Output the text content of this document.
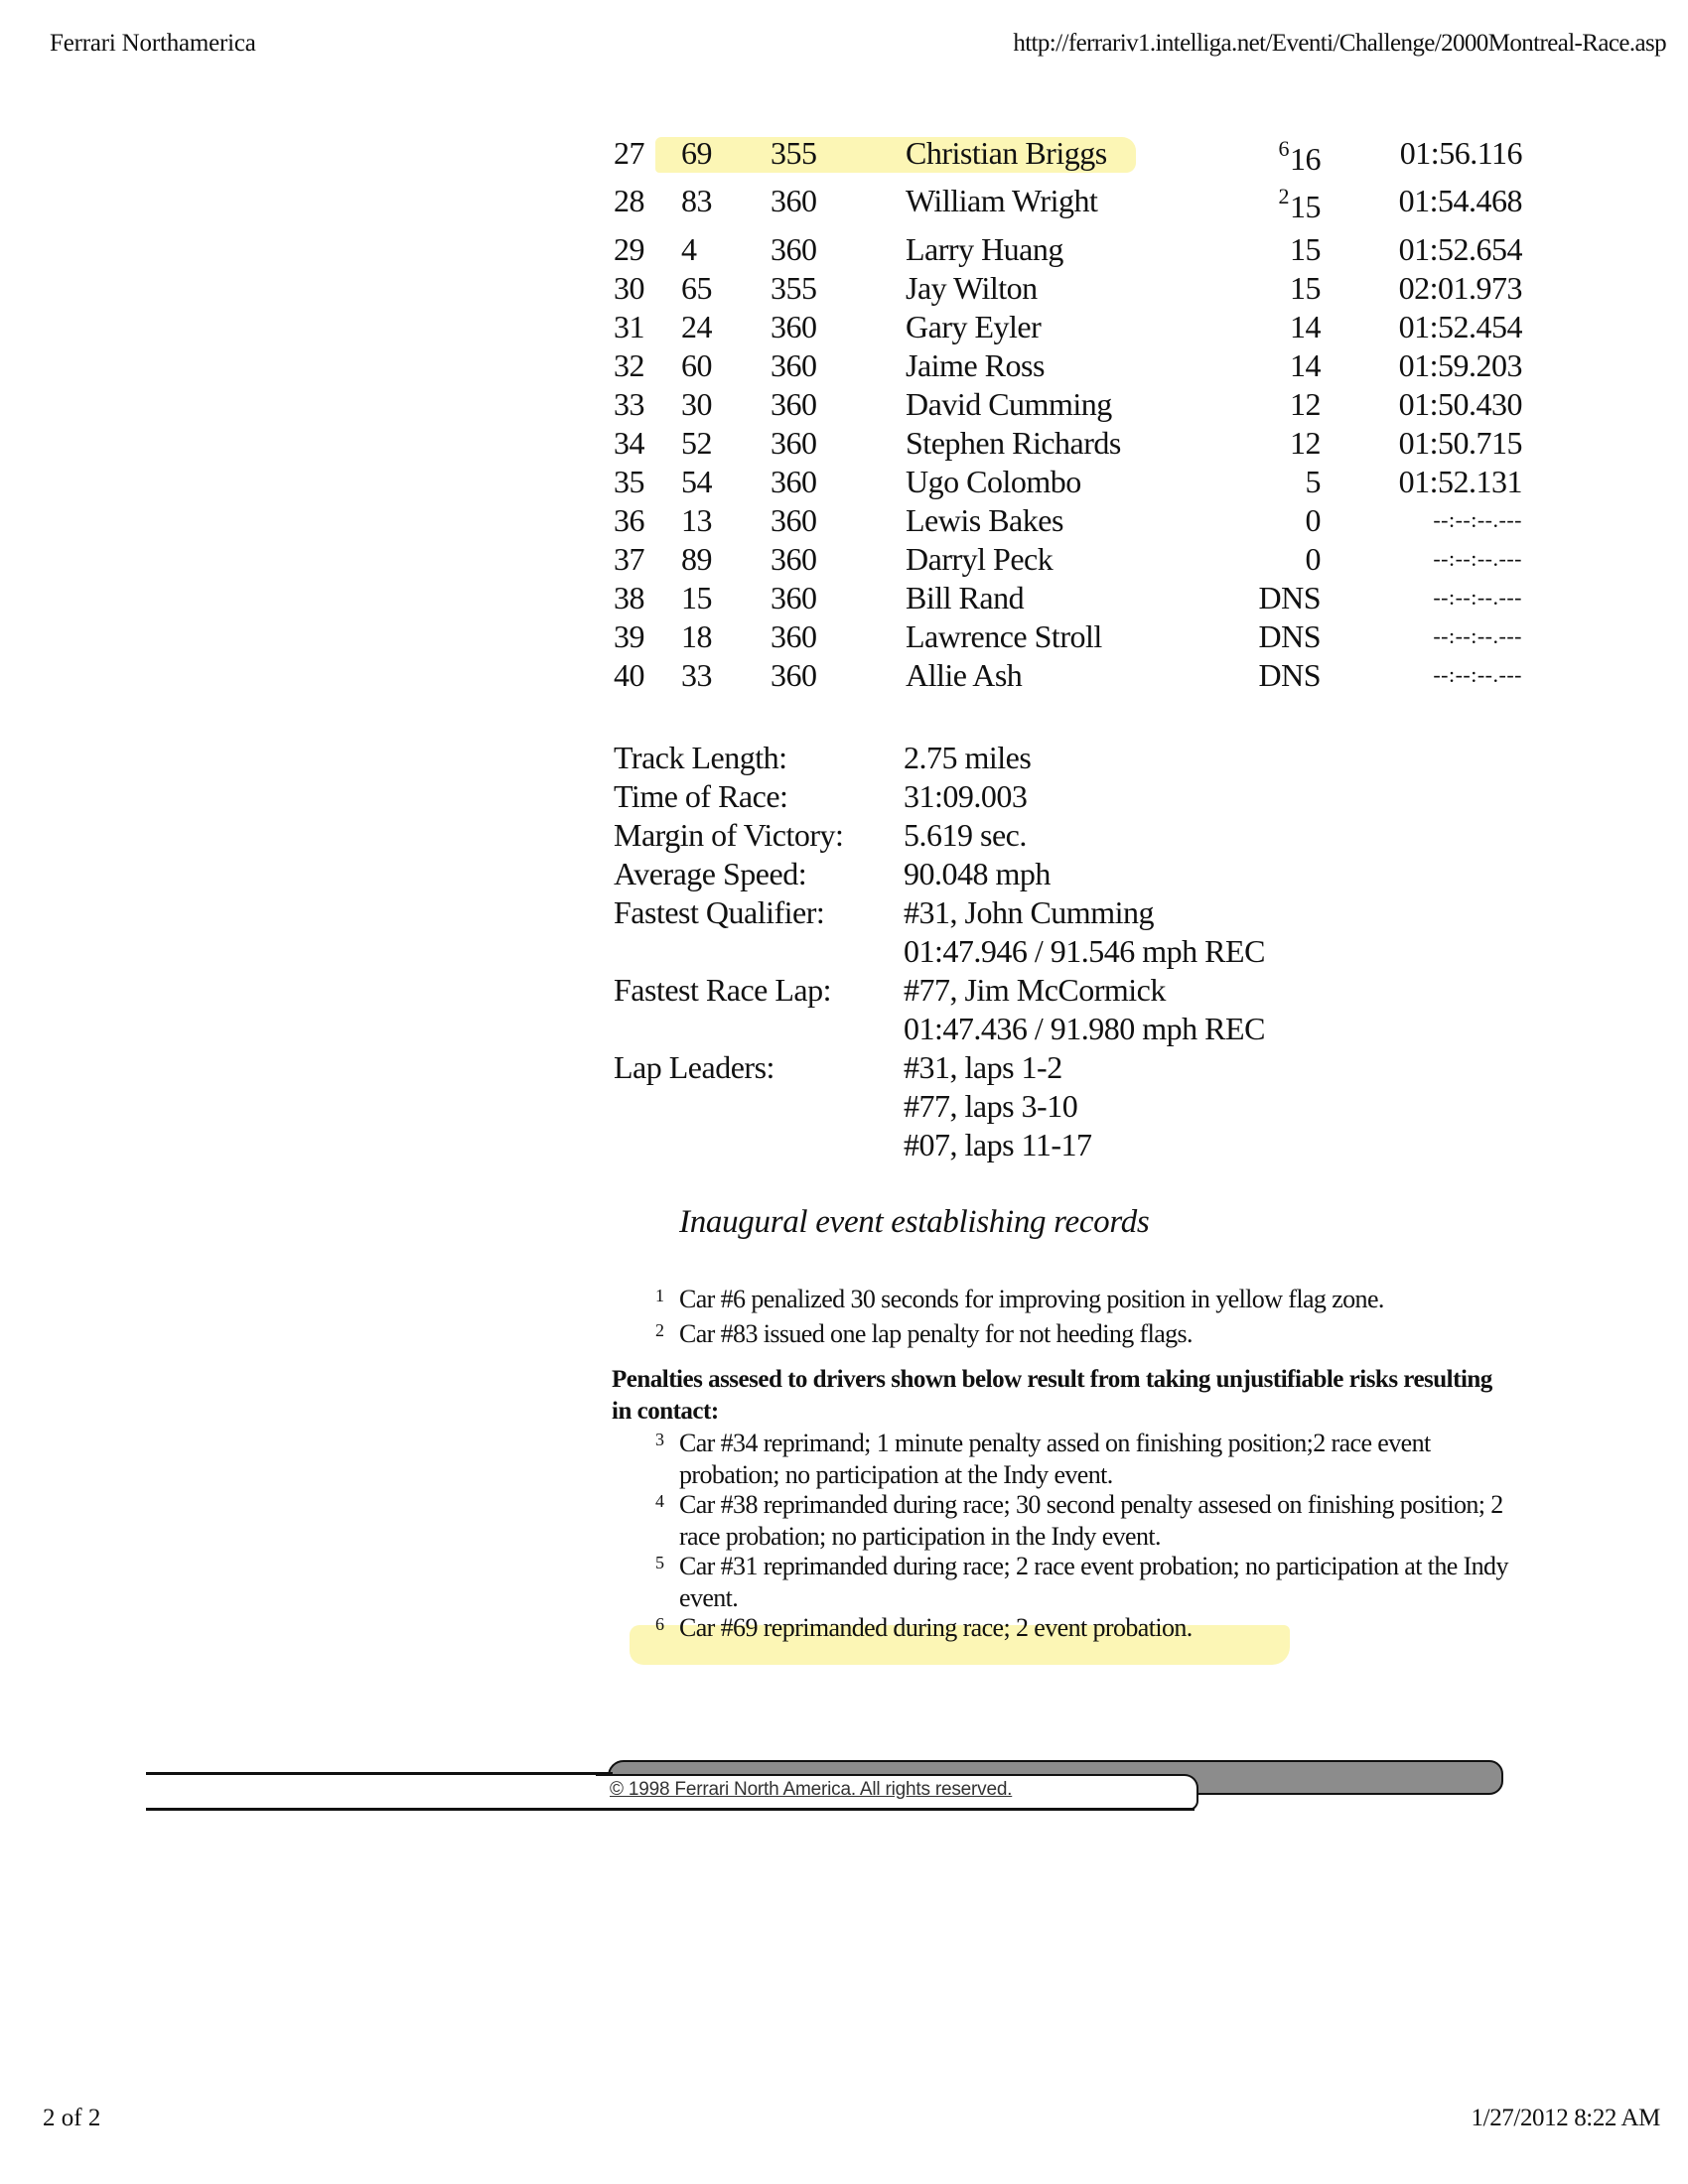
Ferrari Northamerica	http://ferrariv1.intelliga.net/Eventi/Challenge/2000Montreal-Race.asp
27 69 355	Christian Briggs	$^6$16	01:56.116
28 83 360	William Wright	$^2$15	01:54.468
29 4 360	Larry Huang	15	01:52.654
30 65 355	Jay Wilton	15	02:01.973
31 24 360	Gary Eyler	14	01:52.454
32 60 360	Jaime Ross	14	01:59.203
33 30 360	David Cumming	12	01:50.430
34 52 360	Stephen Richards	12	01:50.715
35 54 360	Ugo Colombo	5	01:52.131
36 13 360	Lewis Bakes	0	--:--:--.---
37 89 360	Darryl Peck	0	--:--:--.---
38 15 360	Bill Rand	DNS	--:--:--.---
39 18 360	Lawrence Stroll	DNS	--:--:--.---
40 33 360	Allie Ash	DNS	--:--:--.---
Track Length:	2.75 miles
Time of Race:	31:09.003
Margin of Victory: 5.619 sec.
Average Speed:	90.048 mph
Fastest Qualifier: #31, John Cumming
01:47.946 / 91.546 mph REC
Fastest Race Lap: #77, Jim McCormick
01:47.436 / 91.980 mph REC
Lap Leaders:	#31, laps 1-2
#77, laps 3-10
#07, laps 11-17
Inaugural event establishing records
1 Car #6 penalized 30 seconds for improving position in yellow flag zone.
2 Car #83 issued one lap penalty for not heeding flags.
Penalties assesed to drivers shown below result from taking unjustifiable risks resulting in contact:
3 Car #34 reprimand; 1 minute penalty assed on finishing position;2 race event probation; no participation at the Indy event.
4 Car #38 reprimanded during race; 30 second penalty assesed on finishing position; 2 race probation; no participation in the Indy event.
5 Car #31 reprimanded during race; 2 race event probation; no participation at the Indy event.
6 Car #69 reprimanded during race; 2 event probation.
© 1998 Ferrari North America. All rights reserved.
2 of 2	1/27/2012 8:22 AM
